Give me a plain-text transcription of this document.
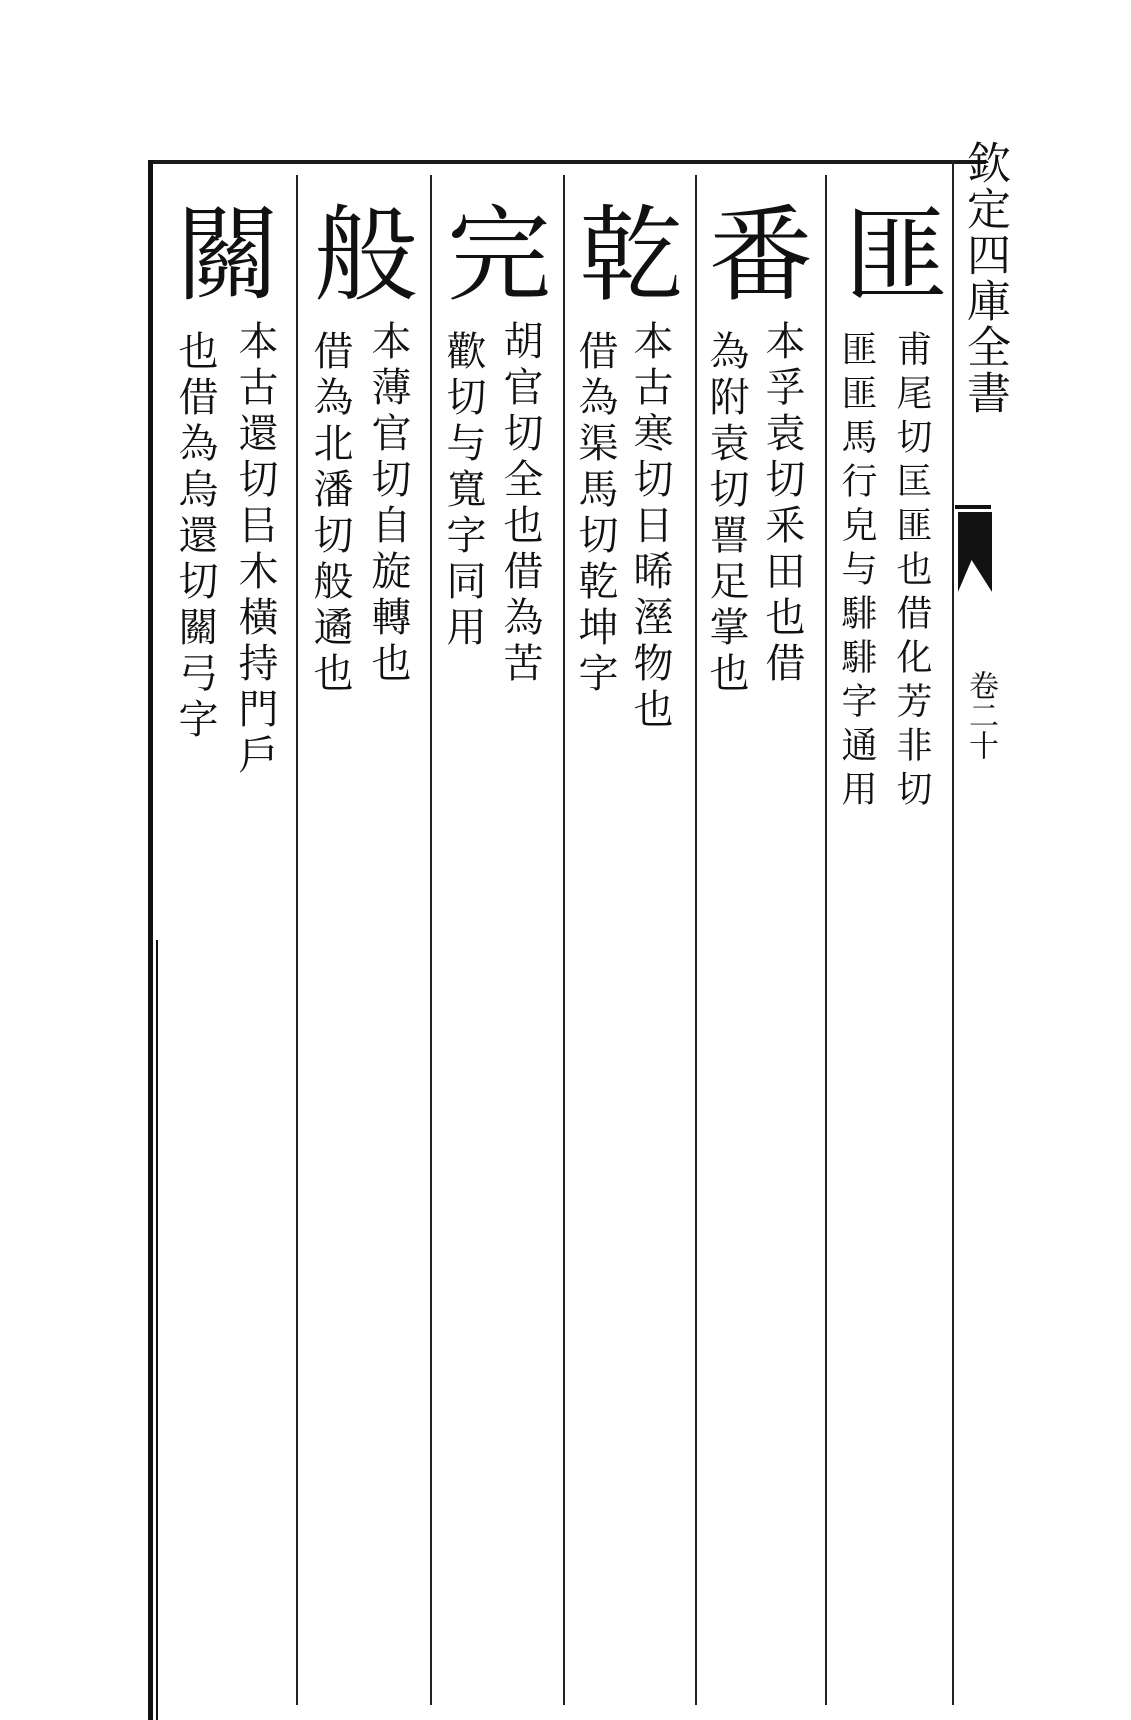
欽定四庫全書
卷二十
匪
甫尾切匡匪也借化芳非切
匪匪馬行皃与騑騑字通用
番
本孚袁切釆田也借
為附袁切嘼足掌也
乾
本古寒切日晞溼物也
借為渠馬切乾坤字
完
胡官切全也借為苦
歡切与寬字同用
般
本薄官切自旋轉也
借為北潘切般遹也
關
本古還切㠯木橫持門戶
也借為烏還切關弓字
